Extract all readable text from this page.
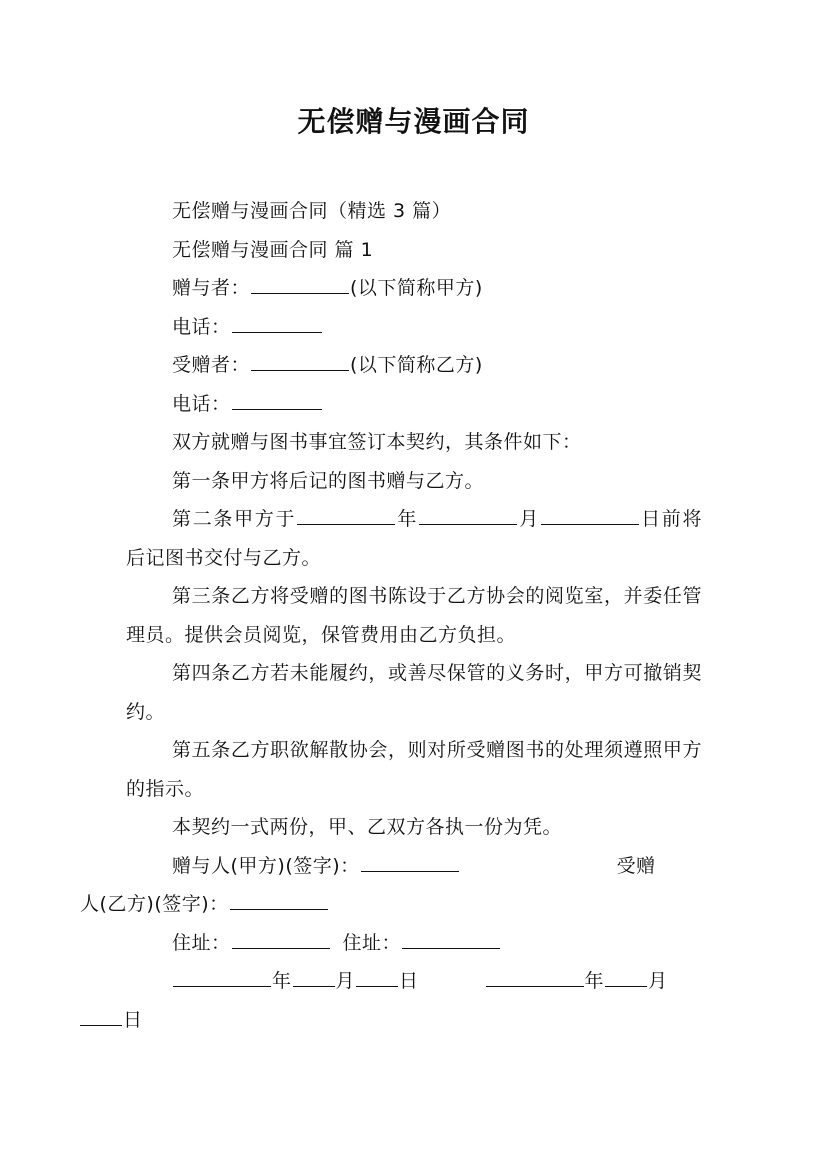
无偿赠与漫画合同

无偿赠与漫画合同（精选 3 篇）

无偿赠与漫画合同 篇 1

赠与者：	(以下简称甲方)

电话：

受赠者：	(以下简称乙方)

电话：

双方就赠与图书事宜签订本契约，其条件如下：

第一条甲方将后记的图书赠与乙方。

第二条甲方于	年	月	日前将后记图书交付与乙方。

第三条乙方将受赠的图书陈设于乙方协会的阅览室，并委任管理员。提供会员阅览，保管费用由乙方负担。

第四条乙方若未能履约，或善尽保管的义务时，甲方可撤销契约。

第五条乙方职欲解散协会，则对所受赠图书的处理须遵照甲方的指示。

本契约一式两份，甲、乙双方各执一份为凭。

赠与人(甲方)(签字)：	受赠
人(乙方)(签字)：

住址：	住址：

年 月 日	年 月
日
